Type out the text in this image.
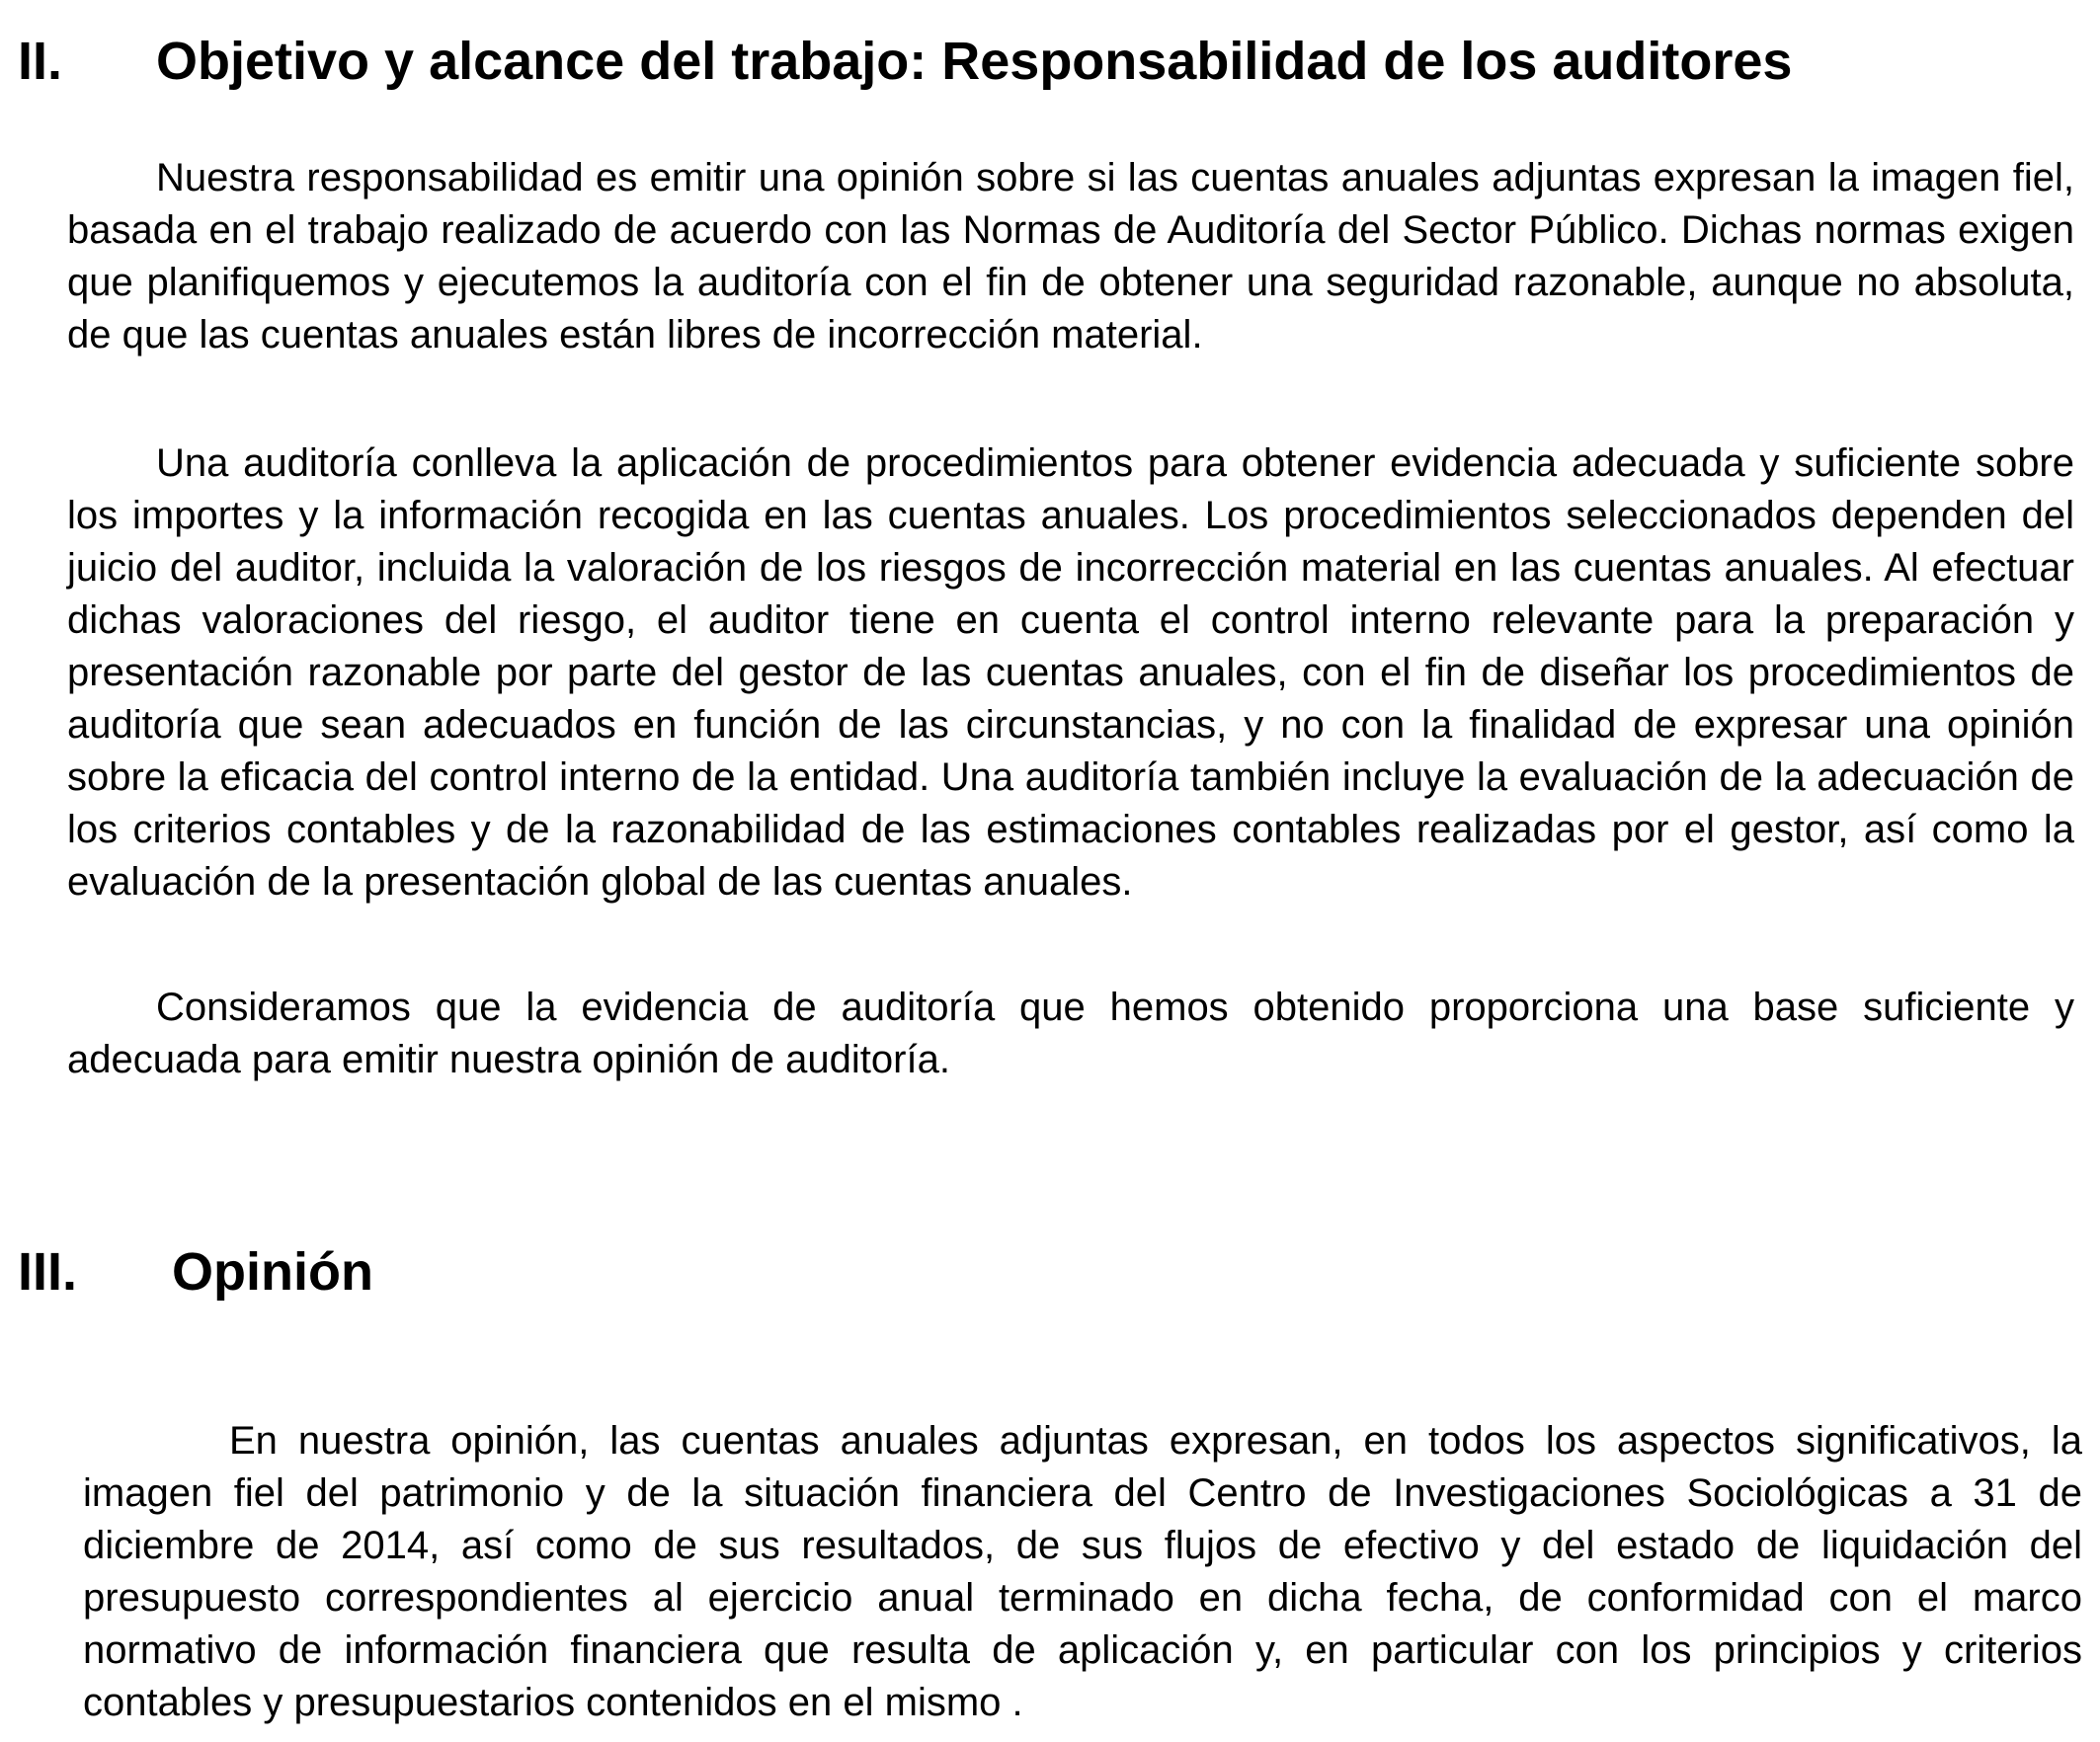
II. Objetivo y alcance del trabajo: Responsabilidad de los auditores

Nuestra responsabilidad es emitir una opinión sobre si las cuentas anuales adjuntas expresan la imagen fiel, basada en el trabajo realizado de acuerdo con las Normas de Auditoría del Sector Público. Dichas normas exigen que planifiquemos y ejecutemos la auditoría con el fin de obtener una seguridad razonable, aunque no absoluta, de que las cuentas anuales están libres de incorrección material.

Una auditoría conlleva la aplicación de procedimientos para obtener evidencia adecuada y suficiente sobre los importes y la información recogida en las cuentas anuales. Los procedimientos seleccionados dependen del juicio del auditor, incluida la valoración de los riesgos de incorrección material en las cuentas anuales. Al efectuar dichas valoraciones del riesgo, el auditor tiene en cuenta el control interno relevante para la preparación y presentación razonable por parte del gestor de las cuentas anuales, con el fin de diseñar los procedimientos de auditoría que sean adecuados en función de las circunstancias, y no con la finalidad de expresar una opinión sobre la eficacia del control interno de la entidad. Una auditoría también incluye la evaluación de la adecuación de los criterios contables y de la razonabilidad de las estimaciones contables realizadas por el gestor, así como la evaluación de la presentación global de las cuentas anuales.

Consideramos que la evidencia de auditoría que hemos obtenido proporciona una base suficiente y adecuada para emitir nuestra opinión de auditoría.

III. Opinión

En nuestra opinión, las cuentas anuales adjuntas expresan, en todos los aspectos significativos, la imagen fiel del patrimonio y de la situación financiera del Centro de Investigaciones Sociológicas a 31 de diciembre de 2014, así como de sus resultados, de sus flujos de efectivo y del estado de liquidación del presupuesto correspondientes al ejercicio anual terminado en dicha fecha, de conformidad con el marco normativo de información financiera que resulta de aplicación y, en particular con los principios y criterios contables y presupuestarios contenidos en el mismo .
